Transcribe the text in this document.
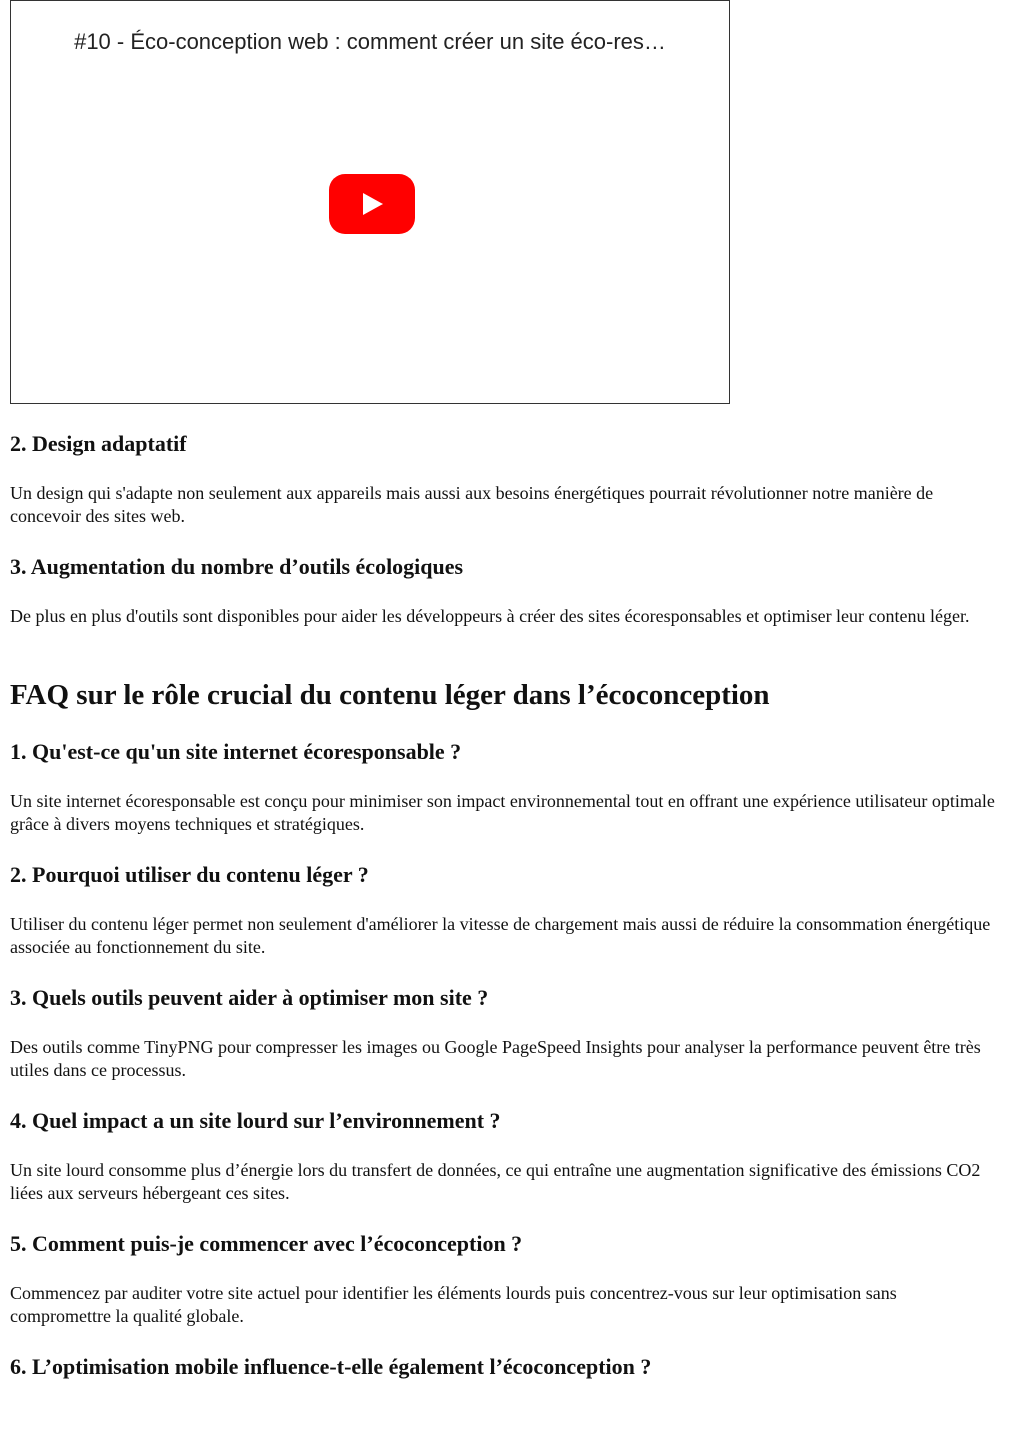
#10 - Éco-conception web : comment créer un site éco-res…
2. Design adaptatif

Un design qui s'adapte non seulement aux appareils mais aussi aux besoins énergétiques pourrait révolutionner notre manière de concevoir des sites web.

3. Augmentation du nombre d’outils écologiques

De plus en plus d'outils sont disponibles pour aider les développeurs à créer des sites écoresponsables et optimiser leur contenu léger.

FAQ sur le rôle crucial du contenu léger dans l’écoconception
1. Qu'est-ce qu'un site internet écoresponsable ?

Un site internet écoresponsable est conçu pour minimiser son impact environnemental tout en offrant une expérience utilisateur optimale grâce à divers moyens techniques et stratégiques.

2. Pourquoi utiliser du contenu léger ?

Utiliser du contenu léger permet non seulement d'améliorer la vitesse de chargement mais aussi de réduire la consommation énergétique associée au fonctionnement du site.

3. Quels outils peuvent aider à optimiser mon site ?

Des outils comme TinyPNG pour compresser les images ou Google PageSpeed Insights pour analyser la performance peuvent être très utiles dans ce processus.

4. Quel impact a un site lourd sur l’environnement ?

Un site lourd consomme plus d’énergie lors du transfert de données, ce qui entraîne une augmentation significative des émissions CO2 liées aux serveurs hébergeant ces sites.

5. Comment puis-je commencer avec l’écoconception ?

Commencez par auditer votre site actuel pour identifier les éléments lourds puis concentrez-vous sur leur optimisation sans compromettre la qualité globale.

6. L’optimisation mobile influence-t-elle également l’écoconception ?
